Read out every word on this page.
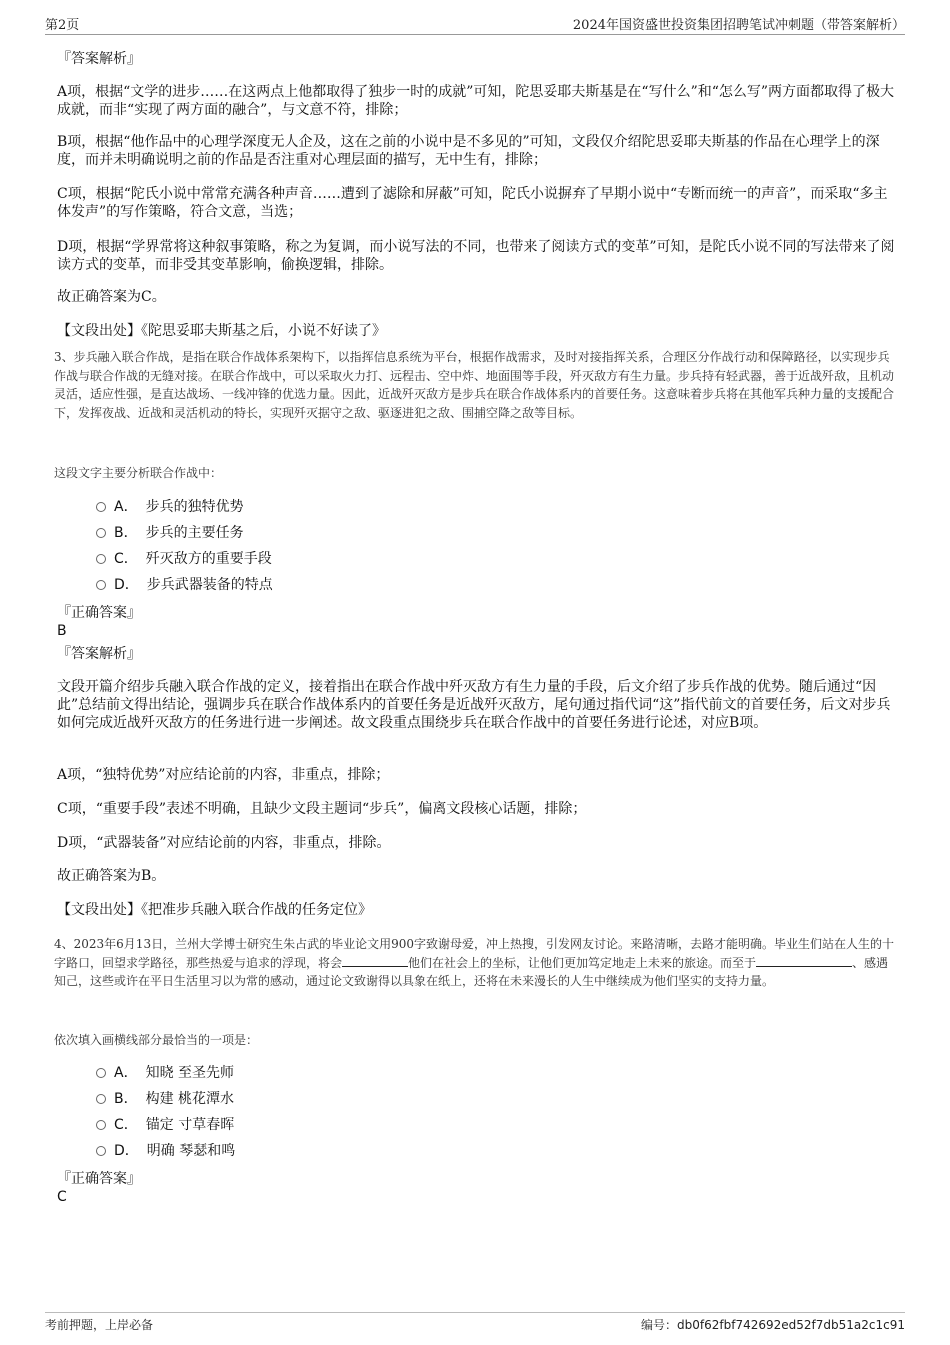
第2页	2024年国资盛世投资集团招聘笔试冲刺题（带答案解析）
『答案解析』
A项，根据“文学的进步……在这两点上他都取得了独步一时的成就”可知，陀思妥耶夫斯基是在“写什么”和“怎么写”两方面都取得了极大成就，而非“实现了两方面的融合”，与文意不符，排除；
B项，根据“他作品中的心理学深度无人企及，这在之前的小说中是不多见的”可知，文段仅介绍陀思妥耶夫斯基的作品在心理学上的深度，而并未明确说明之前的作品是否注重对心理层面的描写，无中生有，排除；
C项，根据“陀氏小说中常常充满各种声音……遭到了滤除和屏蔽”可知，陀氏小说摒弃了早期小说中“专断而统一的声音”，而采取“多主体发声”的写作策略，符合文意，当选；
D项，根据“学界常将这种叙事策略，称之为复调，而小说写法的不同，也带来了阅读方式的变革”可知，是陀氏小说不同的写法带来了阅读方式的变革，而非受其变革影响，偷换逻辑，排除。
故正确答案为C。
【文段出处】《陀思妥耶夫斯基之后，小说不好读了》
3、步兵融入联合作战，是指在联合作战体系架构下，以指挥信息系统为平台，根据作战需求，及时对接指挥关系，合理区分作战行动和保障路径，以实现步兵作战与联合作战的无缝对接。在联合作战中，可以采取火力打、远程击、空中炸、地面围等手段，歼灭敌方有生力量。步兵持有轻武器，善于近战歼敌，且机动灵活，适应性强，是直达战场、一线冲锋的优选力量。因此，近战歼灭敌方是步兵在联合作战体系内的首要任务。这意味着步兵将在其他军兵种力量的支援配合下，发挥夜战、近战和灵活机动的特长，实现歼灭据守之敌、驱逐进犯之敌、围捕空降之敌等目标。
这段文字主要分析联合作战中：
A． 步兵的独特优势
B． 步兵的主要任务
C． 歼灭敌方的重要手段
D． 步兵武器装备的特点
『正确答案』
B
『答案解析』
文段开篇介绍步兵融入联合作战的定义，接着指出在联合作战中歼灭敌方有生力量的手段，后文介绍了步兵作战的优势。随后通过“因此”总结前文得出结论，强调步兵在联合作战体系内的首要任务是近战歼灭敌方，尾句通过指代词“这”指代前文的首要任务，后文对步兵如何完成近战歼灭敌方的任务进行进一步阐述。故文段重点围绕步兵在联合作战中的首要任务进行论述，对应B项。
A项，“独特优势”对应结论前的内容，非重点，排除；
C项，“重要手段”表述不明确，且缺少文段主题词“步兵”，偏离文段核心话题，排除；
D项，“武器装备”对应结论前的内容，非重点，排除。
故正确答案为B。
【文段出处】《把准步兵融入联合作战的任务定位》
4、2023年6月13日，兰州大学博士研究生朱占武的毕业论文用900字致谢母爱，冲上热搜，引发网友讨论。来路清晰，去路才能明确。毕业生们站在人生的十字路口，回望求学路径，那些热爱与追求的浮现，将会	他们在社会上的坐标，让他们更加笃定地走上未来的旅途。而至于	、感遇知己，这些或许在平日生活里习以为常的感动，通过论文致谢得以具象在纸上，还将在未来漫长的人生中继续成为他们坚实的支持力量。
依次填入画横线部分最恰当的一项是：
A． 知晓 至圣先师
B． 构建 桃花潭水
C． 锚定 寸草春晖
D． 明确 琴瑟和鸣
『正确答案』
C
考前押题，上岸必备	编号：db0f62fbf742692ed52f7db51a2c1c91
